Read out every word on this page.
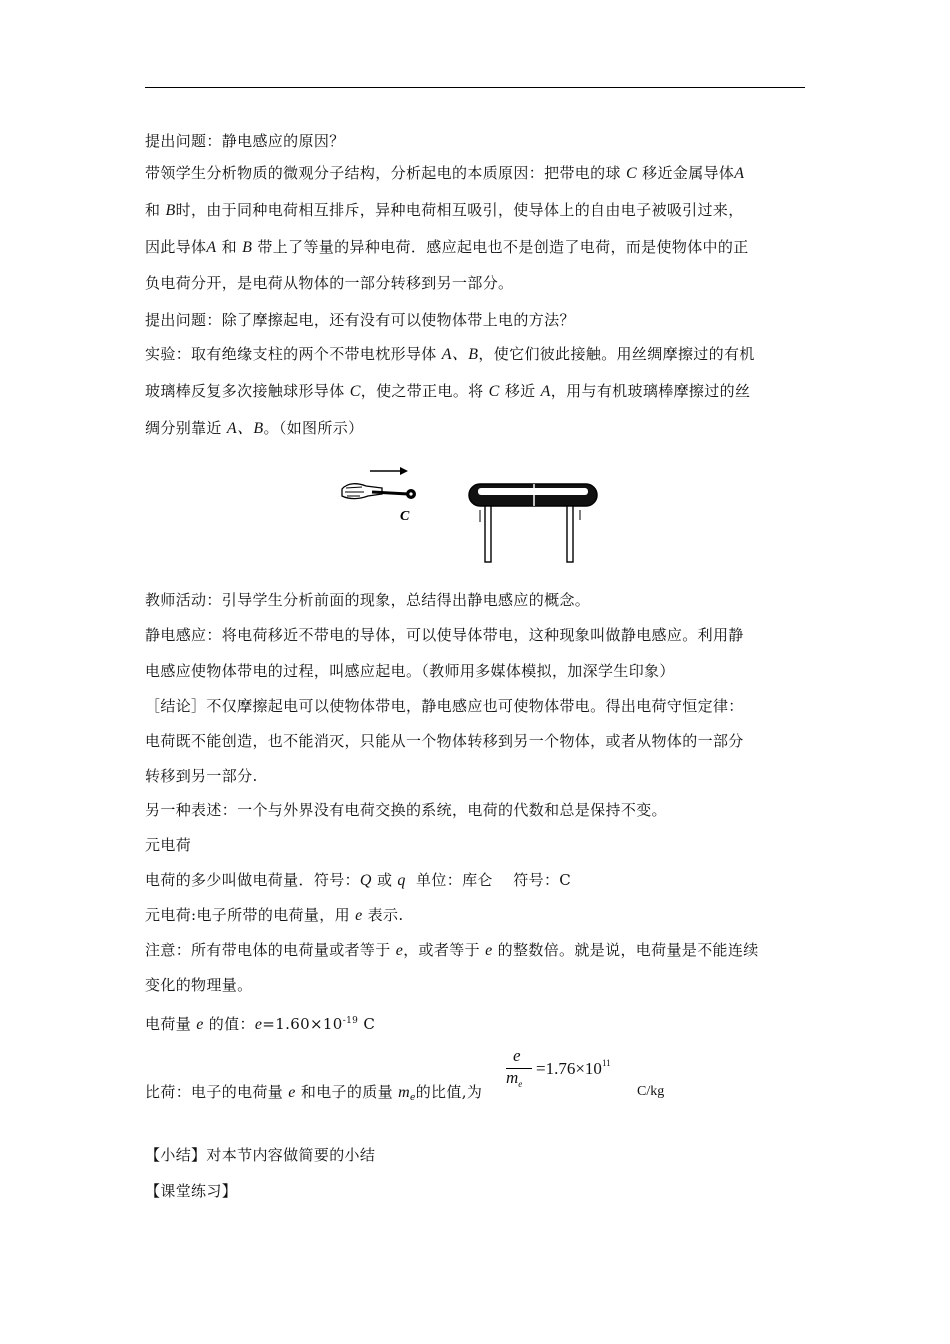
提出问题：静电感应的原因？
带领学生分析物质的微观分子结构，分析起电的本质原因：把带电的球 C 移近金属导体A
和 B时，由于同种电荷相互排斥，异种电荷相互吸引，使导体上的自由电子被吸引过来，
因此导体A 和 B 带上了等量的异种电荷．感应起电也不是创造了电荷，而是使物体中的正
负电荷分开，是电荷从物体的一部分转移到另一部分。
提出问题：除了摩擦起电，还有没有可以使物体带上电的方法？
实验：取有绝缘支柱的两个不带电枕形导体 A、B，使它们彼此接触。用丝绸摩擦过的有机
玻璃棒反复多次接触球形导体 C，使之带正电。将 C 移近 A，用与有机玻璃棒摩擦过的丝
绸分别靠近 A、B。（如图所示）
C
教师活动：引导学生分析前面的现象，总结得出静电感应的概念。
静电感应：将电荷移近不带电的导体，可以使导体带电，这种现象叫做静电感应。利用静
电感应使物体带电的过程，叫感应起电。（教师用多媒体模拟，加深学生印象）
［结论］不仅摩擦起电可以使物体带电，静电感应也可使物体带电。得出电荷守恒定律：
电荷既不能创造，也不能消灭，只能从一个物体转移到另一个物体，或者从物体的一部分
转移到另一部分.
另一种表述：一个与外界没有电荷交换的系统，电荷的代数和总是保持不变。
元电荷
电荷的多少叫做电荷量．符号：Q 或 q 单位：库仑　 符号：C
元电荷:电子所带的电荷量，用 e 表示.
注意：所有带电体的电荷量或者等于 e，或者等于 e 的整数倍。就是说，电荷量是不能连续
变化的物理量。
电荷量 e 的值：$e=1.60\times 10^{-19}$ C
e
$m_e$
$=1.76\times 10^{11}$
比荷：电子的电荷量 e 和电子的质量 $m_e$的比值,为	C/kg
【小结】对本节内容做简要的小结
【课堂练习】
